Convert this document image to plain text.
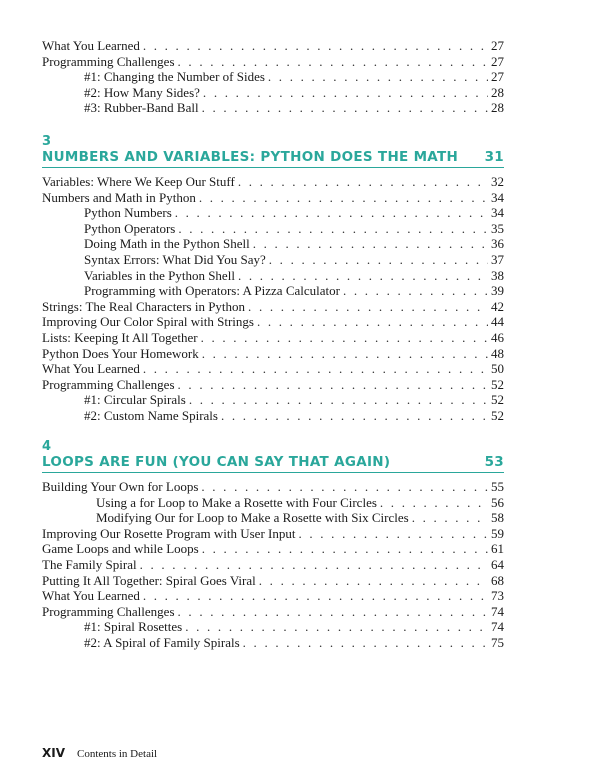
What You Learned . . .	27
Programming Challenges . . .	27
#1: Changing the Number of Sides . . .	27
#2: How Many Sides? . . .	28
#3: Rubber-Band Ball . . .	28
3
NUMBERS AND VARIABLES: PYTHON DOES THE MATH 31
Variables: Where We Keep Our Stuff . . .	32
Numbers and Math in Python . . .	34
Python Numbers . . .	34
Python Operators . . .	35
Doing Math in the Python Shell . . .	36
Syntax Errors: What Did You Say? . . .	37
Variables in the Python Shell . . .	38
Programming with Operators: A Pizza Calculator . . .	39
Strings: The Real Characters in Python . . .	42
Improving Our Color Spiral with Strings . . .	44
Lists: Keeping It All Together . . .	46
Python Does Your Homework . . .	48
What You Learned . . .	50
Programming Challenges . . .	52
#1: Circular Spirals . . .	52
#2: Custom Name Spirals . . .	52
4
LOOPS ARE FUN (YOU CAN SAY THAT AGAIN)	53
Building Your Own for Loops . . .	55
Using a for Loop to Make a Rosette with Four Circles . . .	56
Modifying Our for Loop to Make a Rosette with Six Circles . . .	58
Improving Our Rosette Program with User Input . . .	59
Game Loops and while Loops . . .	61
The Family Spiral . . .	64
Putting It All Together: Spiral Goes Viral . . .	68
What You Learned . . .	73
Programming Challenges . . .	74
#1: Spiral Rosettes . . .	74
#2: A Spiral of Family Spirals . . .	75
XIV Contents in Detail
